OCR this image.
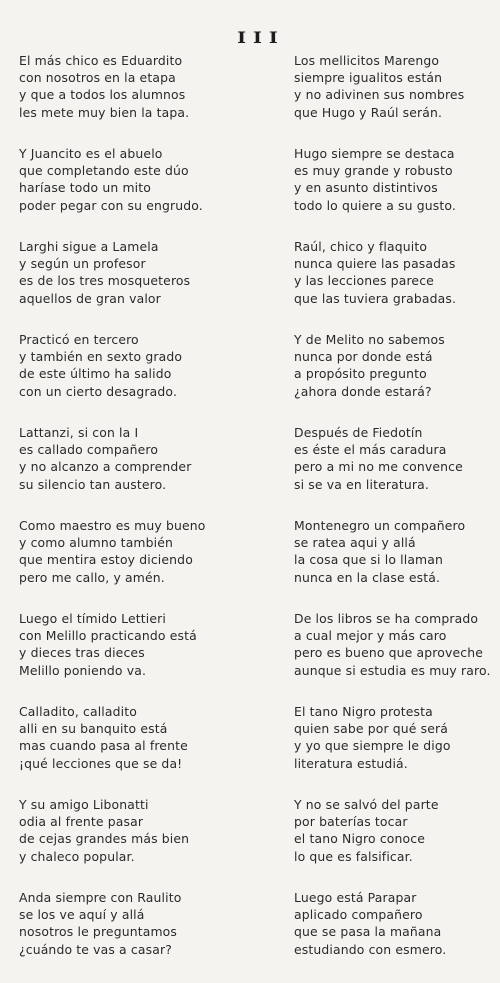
III
El más chico es Eduardito
con nosotros en la etapa
y que a todos los alumnos
les mete muy bien la tapa.
Y Juancito es el abuelo
que completando este dúo
haríase todo un mito
poder pegar con su engrudo.
Larghi sigue a Lamela
y según un profesor
es de los tres mosqueteros
aquellos de gran valor
Practicó en tercero
y también en sexto grado
de este último ha salido
con un cierto desagrado.
Lattanzi, si con la I
es callado compañero
y no alcanzo a comprender
su silencio tan austero.
Como maestro es muy bueno
y como alumno también
que mentira estoy diciendo
pero me callo, y amén.
Luego el tímido Lettieri
con Melillo practicando está
y dieces tras dieces
Melillo poniendo va.
Calladito, calladito
alli en su banquito está
mas cuando pasa al frente
¡qué lecciones que se da!
Y su amigo Libonatti
odia al frente pasar
de cejas grandes más bien
y chaleco popular.
Anda siempre con Raulito
se los ve aquí y allá
nosotros le preguntamos
¿cuándo te vas a casar?
Los mellicitos Marengo
siempre igualitos están
y no adivinen sus nombres
que Hugo y Raúl serán.
Hugo siempre se destaca
es muy grande y robusto
y en asunto distintivos
todo lo quiere a su gusto.
Raúl, chico y flaquito
nunca quiere las pasadas
y las lecciones parece
que las tuviera grabadas.
Y de Melito no sabemos
nunca por donde está
a propósito pregunto
¿ahora donde estará?
Después de Fiedotín
es éste el más caradura
pero a mi no me convence
si se va en literatura.
Montenegro un compañero
se ratea aqui y allá
la cosa que si lo llaman
nunca en la clase está.
De los libros se ha comprado
a cual mejor y más caro
pero es bueno que aproveche
aunque si estudia es muy raro.
El tano Nigro protesta
quien sabe por qué será
y yo que siempre le digo
literatura estudiá.
Y no se salvó del parte
por baterías tocar
el tano Nigro conoce
lo que es falsificar.
Luego está Parapar
aplicado compañero
que se pasa la mañana
estudiando con esmero.
